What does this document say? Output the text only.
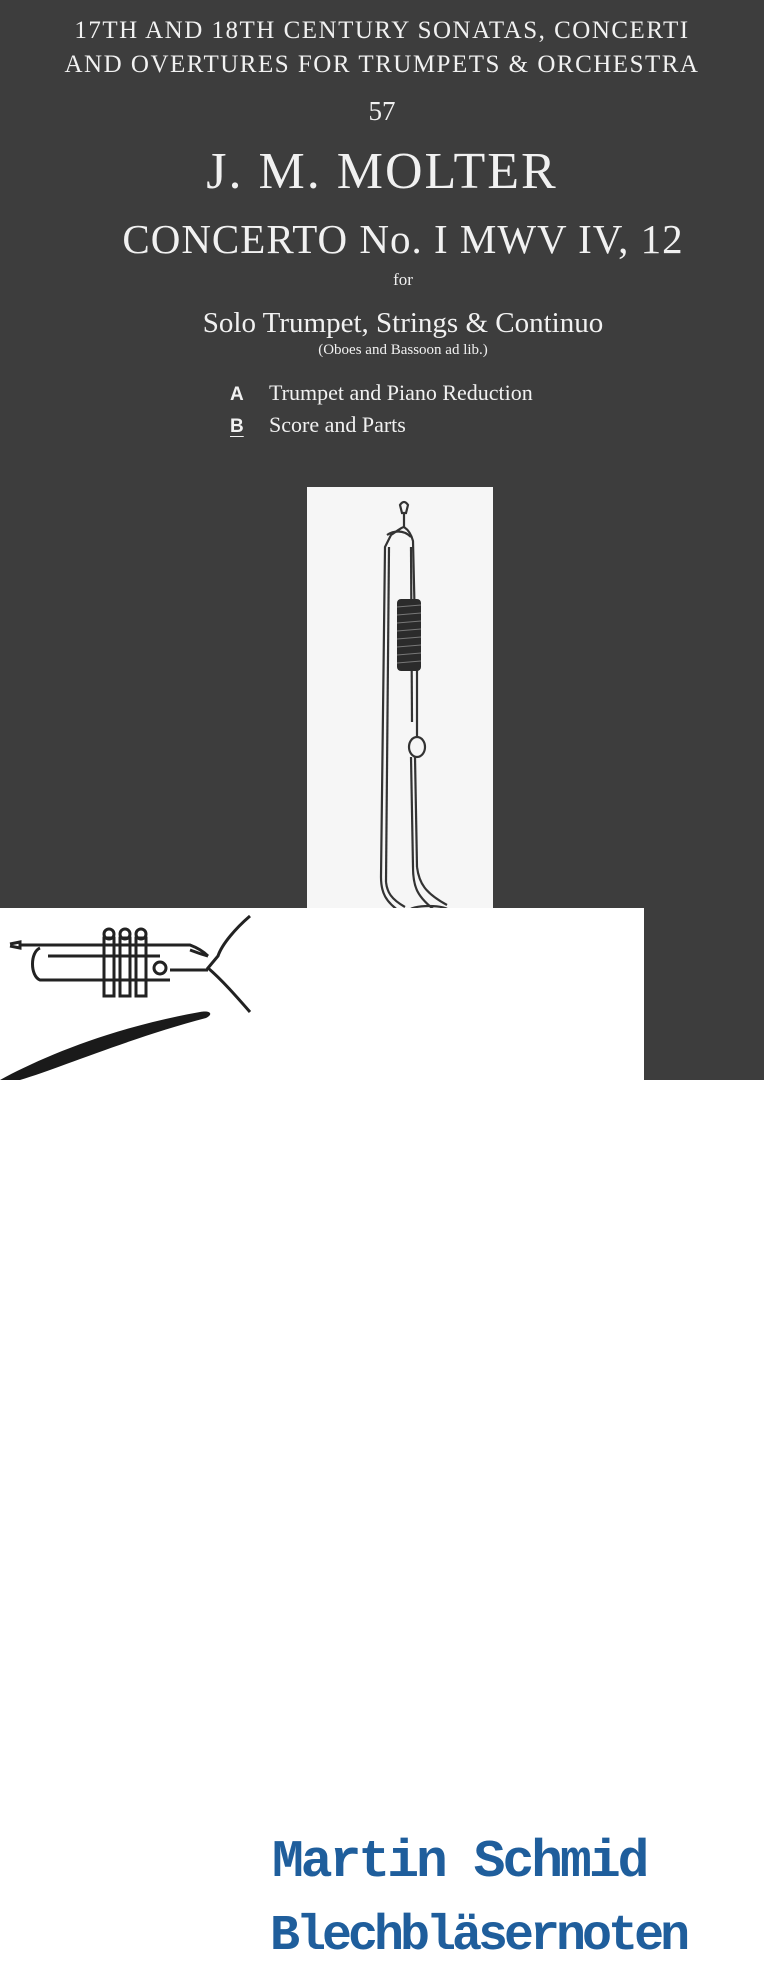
17TH AND 18TH CENTURY SONATAS, CONCERTI
AND OVERTURES FOR TRUMPETS & ORCHESTRA
57
J. M. MOLTER
CONCERTO No. I MWV IV, 12
for
Solo Trumpet, Strings & Continuo
(Oboes and Bassoon ad lib.)
A Trumpet and Piano Reduction
B Score and Parts
Martin Schmid
Blechbläsernoten
